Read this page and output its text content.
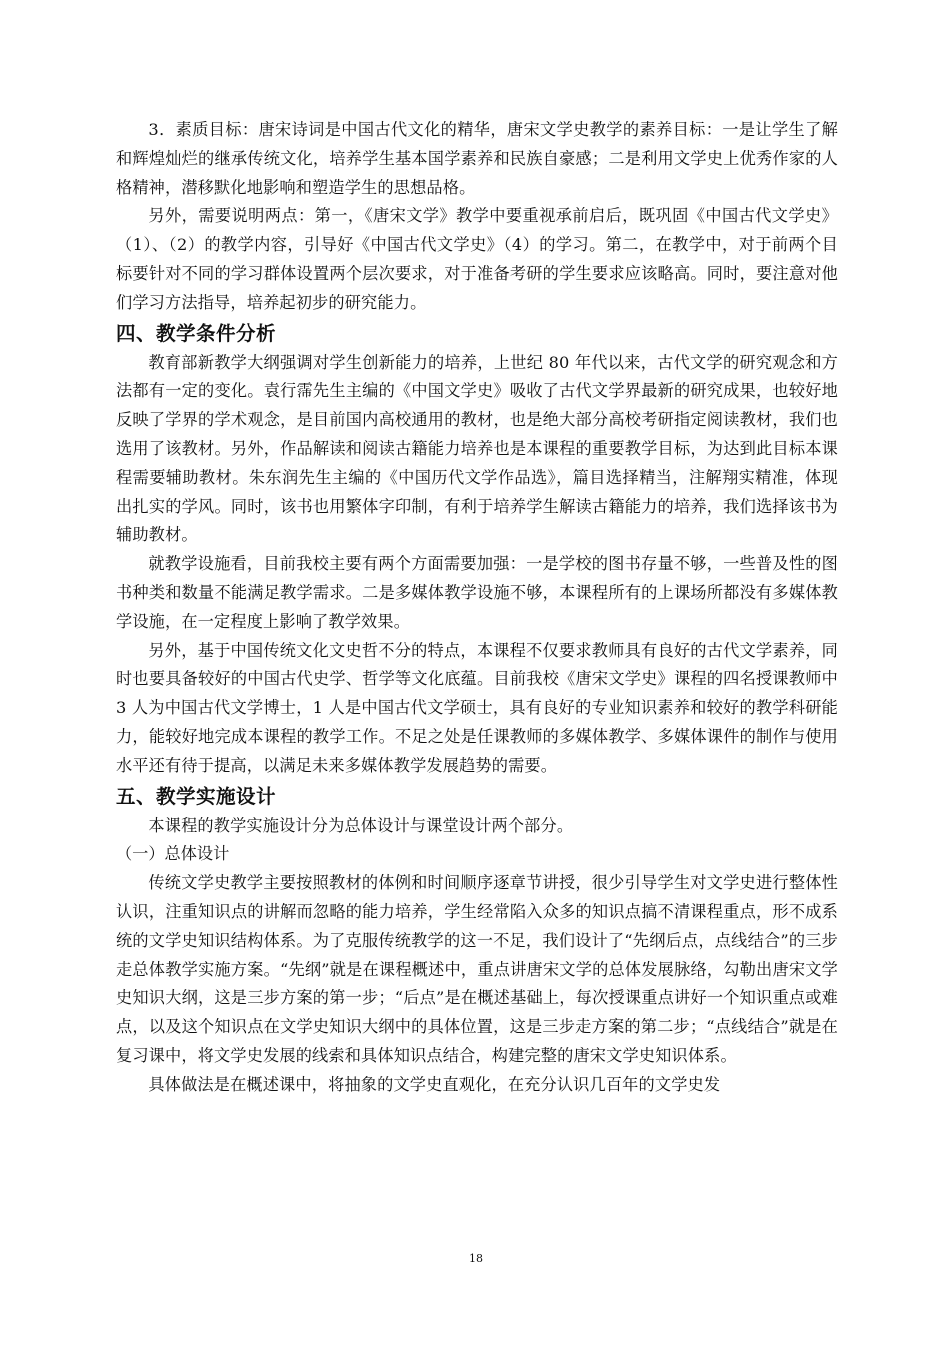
3．素质目标：唐宋诗词是中国古代文化的精华，唐宋文学史教学的素养目标：一是让学生了解和辉煌灿烂的继承传统文化，培养学生基本国学素养和民族自豪感；二是利用文学史上优秀作家的人格精神，潜移默化地影响和塑造学生的思想品格。

另外，需要说明两点：第一，《唐宋文学》教学中要重视承前启后，既巩固《中国古代文学史》（1）、（2）的教学内容，引导好《中国古代文学史》（4）的学习。第二，在教学中，对于前两个目标要针对不同的学习群体设置两个层次要求，对于准备考研的学生要求应该略高。同时，要注意对他们学习方法指导，培养起初步的研究能力。

四、教学条件分析

教育部新教学大纲强调对学生创新能力的培养，上世纪 80 年代以来，古代文学的研究观念和方法都有一定的变化。袁行霈先生主编的《中国文学史》吸收了古代文学界最新的研究成果，也较好地反映了学界的学术观念，是目前国内高校通用的教材，也是绝大部分高校考研指定阅读教材，我们也选用了该教材。另外，作品解读和阅读古籍能力培养也是本课程的重要教学目标，为达到此目标本课程需要辅助教材。朱东润先生主编的《中国历代文学作品选》，篇目选择精当，注解翔实精准，体现出扎实的学风。同时，该书也用繁体字印制，有利于培养学生解读古籍能力的培养，我们选择该书为辅助教材。

就教学设施看，目前我校主要有两个方面需要加强：一是学校的图书存量不够，一些普及性的图书种类和数量不能满足教学需求。二是多媒体教学设施不够，本课程所有的上课场所都没有多媒体教学设施，在一定程度上影响了教学效果。

另外，基于中国传统文化文史哲不分的特点，本课程不仅要求教师具有良好的古代文学素养，同时也要具备较好的中国古代史学、哲学等文化底蕴。目前我校《唐宋文学史》课程的四名授课教师中 3 人为中国古代文学博士，1 人是中国古代文学硕士，具有良好的专业知识素养和较好的教学科研能力，能较好地完成本课程的教学工作。不足之处是任课教师的多媒体教学、多媒体课件的制作与使用水平还有待于提高，以满足未来多媒体教学发展趋势的需要。

五、教学实施设计

本课程的教学实施设计分为总体设计与课堂设计两个部分。

（一）总体设计

传统文学史教学主要按照教材的体例和时间顺序逐章节讲授，很少引导学生对文学史进行整体性认识，注重知识点的讲解而忽略的能力培养，学生经常陷入众多的知识点搞不清课程重点，形不成系统的文学史知识结构体系。为了克服传统教学的这一不足，我们设计了“先纲后点，点线结合”的三步走总体教学实施方案。“先纲”就是在课程概述中，重点讲唐宋文学的总体发展脉络，勾勒出唐宋文学史知识大纲，这是三步方案的第一步；“后点”是在概述基础上，每次授课重点讲好一个知识重点或难点，以及这个知识点在文学史知识大纲中的具体位置，这是三步走方案的第二步；“点线结合”就是在复习课中，将文学史发展的线索和具体知识点结合，构建完整的唐宋文学史知识体系。

具体做法是在概述课中，将抽象的文学史直观化，在充分认识几百年的文学史发

18
